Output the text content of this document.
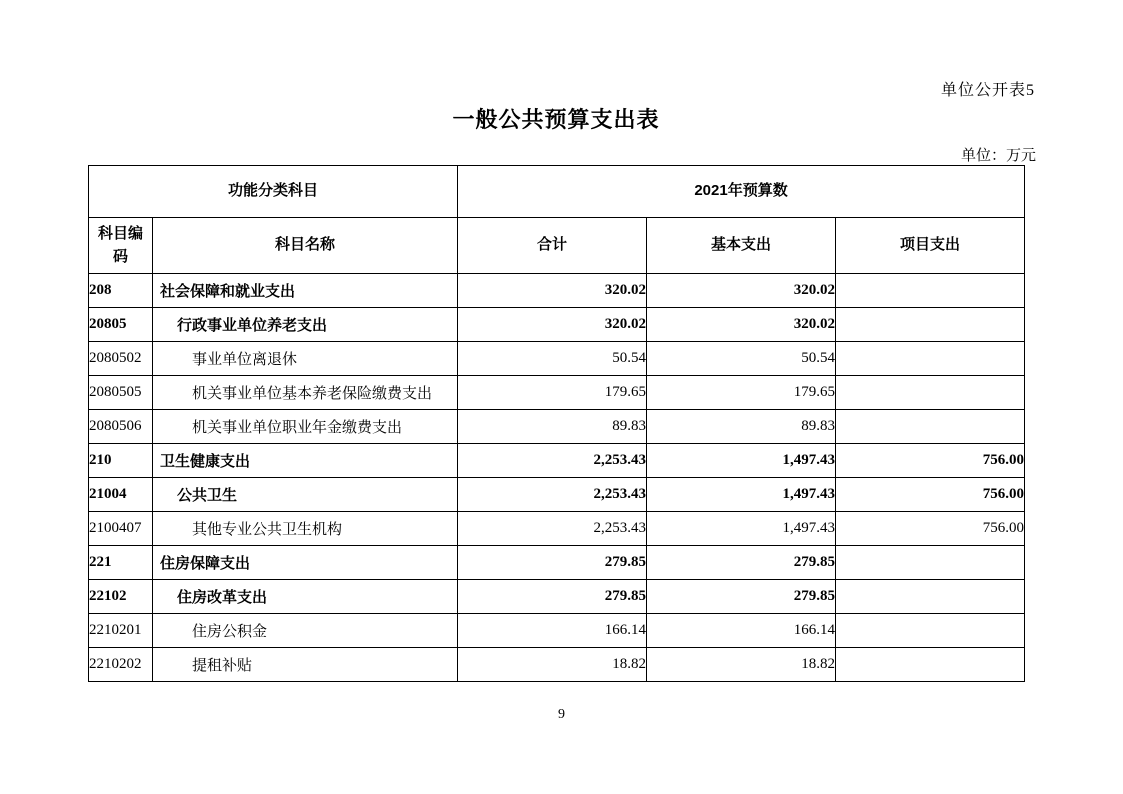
单位公开表5
一般公共预算支出表
单位：万元
功能分类科目		2021年预算数		
科目编码	科目名称	合计	基本支出	项目支出
208	社会保障和就业支出	320.02	320.02	
20805	行政事业单位养老支出	320.02	320.02	
2080502	事业单位离退休	50.54	50.54	
2080505	机关事业单位基本养老保险缴费支出	179.65	179.65	
2080506	机关事业单位职业年金缴费支出	89.83	89.83	
210	卫生健康支出	2,253.43	1,497.43	756.00
21004	公共卫生	2,253.43	1,497.43	756.00
2100407	其他专业公共卫生机构	2,253.43	1,497.43	756.00
221	住房保障支出	279.85	279.85	
22102	住房改革支出	279.85	279.85	
2210201	住房公积金	166.14	166.14	
2210202	提租补贴	18.82	18.82	
9
